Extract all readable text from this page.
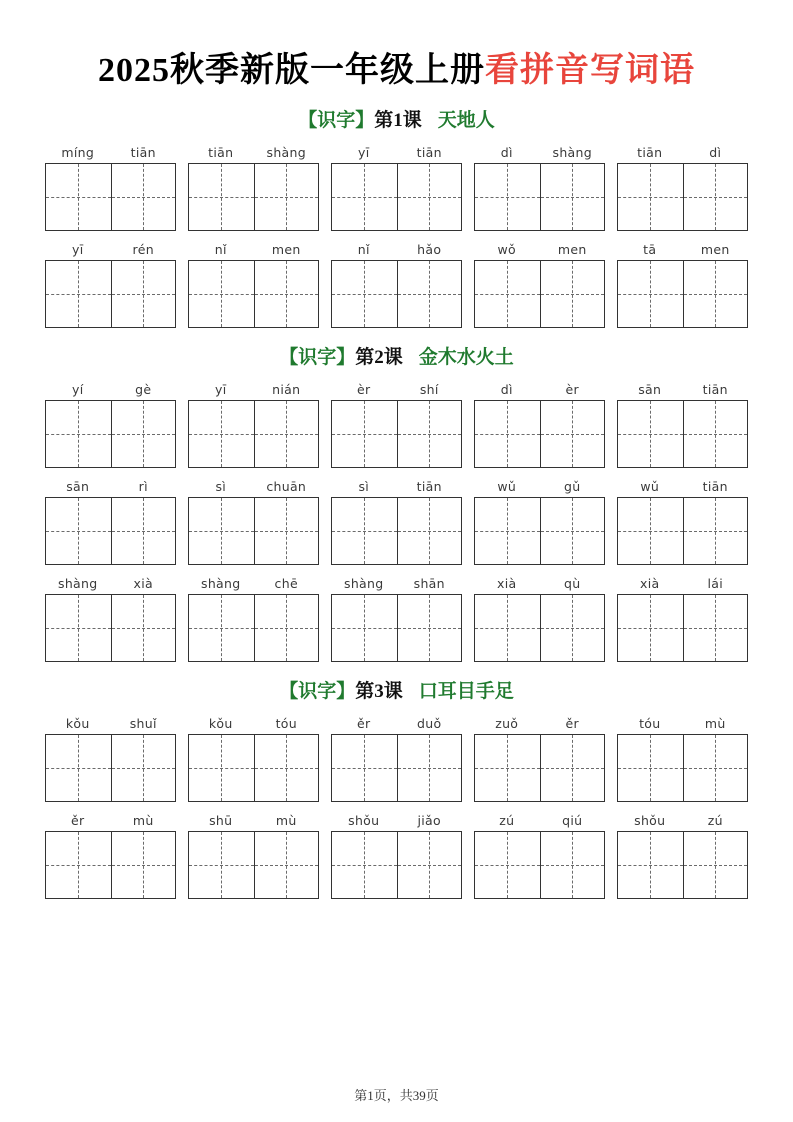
2025秋季新版一年级上册看拼音写词语
【识字】第1课 天地人
míng	tiān	tiān	shàng	yī	tiān	dì	shàng	tiān	dì
yī	rén	nǐ	men	nǐ	hǎo	wǒ	men	tā	men
【识字】第2课 金木水火土
yí	gè	yī	nián	èr	shí	dì	èr	sān	tiān
sān	rì	sì	chuān	sì	tiān	wǔ	gǔ	wǔ	tiān
shàng	xià	shàng	chē	shàng	shān	xià	qù	xià	lái
【识字】第3课 口耳目手足
kǒu	shuǐ	kǒu	tóu	ěr	duǒ	zuǒ	ěr	tóu	mù
ěr	mù	shū	mù	shǒu	jiǎo	zú	qiú	shǒu	zú
第1页，共39页
